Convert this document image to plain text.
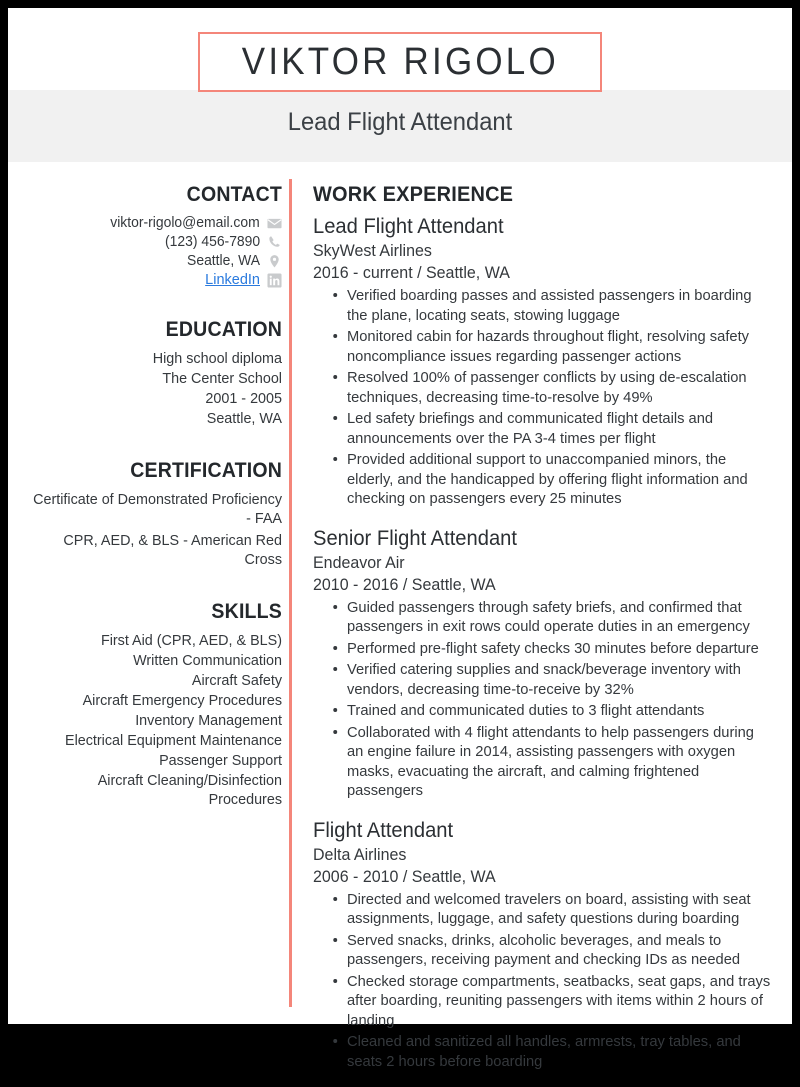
VIKTOR RIGOLO
Lead Flight Attendant
CONTACT
viktor-rigolo@email.com
(123) 456-7890
Seattle, WA
LinkedIn
EDUCATION
High school diploma
The Center School
2001 - 2005
Seattle, WA
CERTIFICATION
Certificate of Demonstrated Proficiency - FAA
CPR, AED, & BLS - American Red Cross
SKILLS
First Aid (CPR, AED, & BLS)
Written Communication
Aircraft Safety
Aircraft Emergency Procedures
Inventory Management
Electrical Equipment Maintenance
Passenger Support
Aircraft Cleaning/Disinfection Procedures
WORK EXPERIENCE
Lead Flight Attendant
SkyWest Airlines
2016 - current / Seattle, WA
Verified boarding passes and assisted passengers in boarding the plane, locating seats, stowing luggage
Monitored cabin for hazards throughout flight, resolving safety noncompliance issues regarding passenger actions
Resolved 100% of passenger conflicts by using de-escalation techniques, decreasing time-to-resolve by 49%
Led safety briefings and communicated flight details and announcements over the PA 3-4 times per flight
Provided additional support to unaccompanied minors, the elderly, and the handicapped by offering flight information and checking on passengers every 25 minutes
Senior Flight Attendant
Endeavor Air
2010 - 2016 / Seattle, WA
Guided passengers through safety briefs, and confirmed that passengers in exit rows could operate duties in an emergency
Performed pre-flight safety checks 30 minutes before departure
Verified catering supplies and snack/beverage inventory with vendors, decreasing time-to-receive by 32%
Trained and communicated duties to 3 flight attendants
Collaborated with 4 flight attendants to help passengers during an engine failure in 2014, assisting passengers with oxygen masks, evacuating the aircraft, and calming frightened passengers
Flight Attendant
Delta Airlines
2006 - 2010 / Seattle, WA
Directed and welcomed travelers on board, assisting with seat assignments, luggage, and safety questions during boarding
Served snacks, drinks, alcoholic beverages, and meals to passengers, receiving payment and checking IDs as needed
Checked storage compartments, seatbacks, seat gaps, and trays after boarding, reuniting passengers with items within 2 hours of landing
Cleaned and sanitized all handles, armrests, tray tables, and seats 2 hours before boarding
